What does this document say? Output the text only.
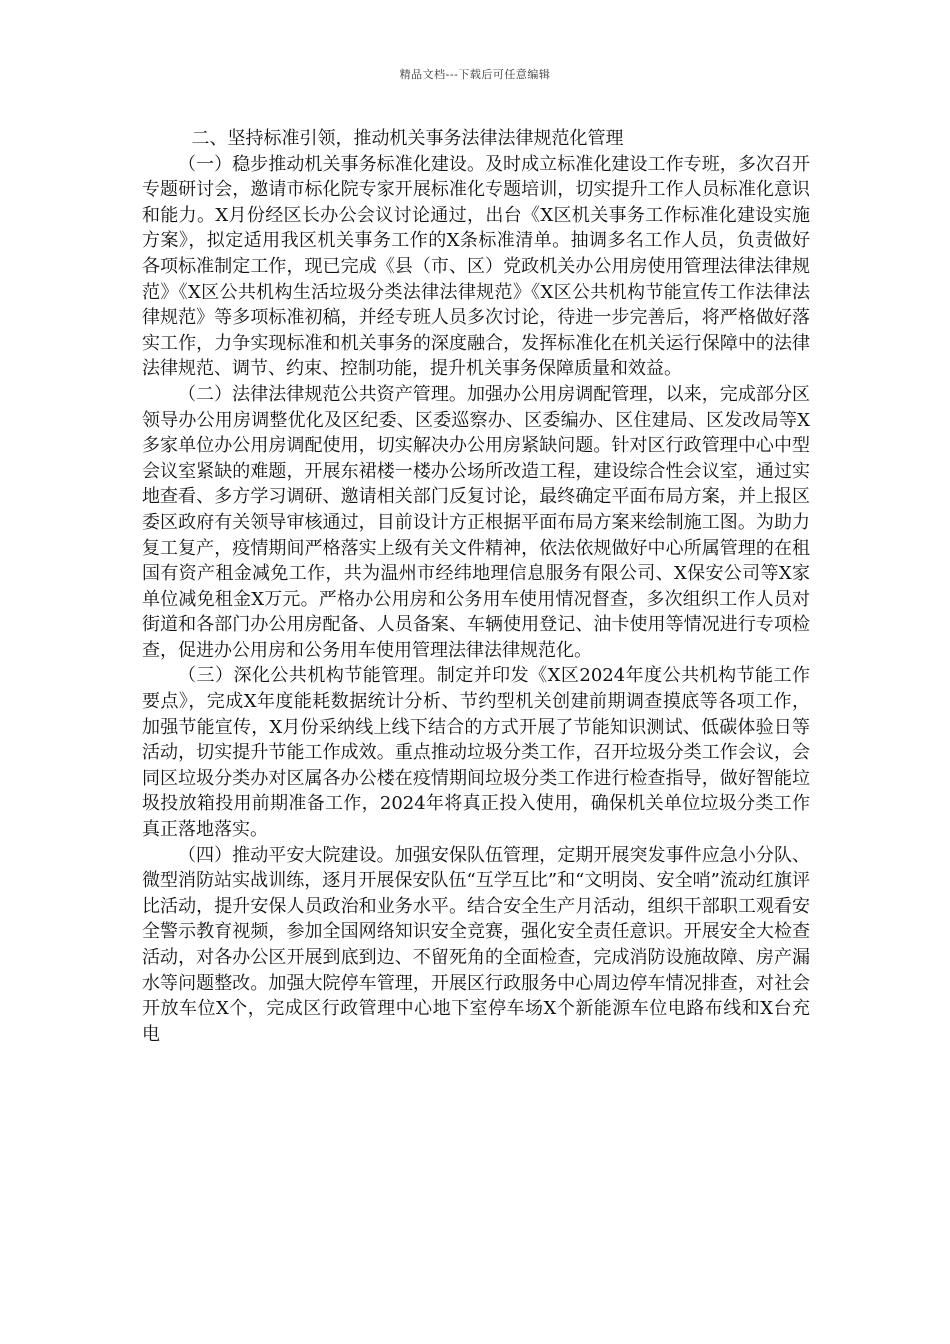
精品文档---下载后可任意编辑

二、坚持标准引领，推动机关事务法律法律规范化管理

（一）稳步推动机关事务标准化建设。及时成立标准化建设工作专班，多次召开专题研讨会，邀请市标化院专家开展标准化专题培训，切实提升工作人员标准化意识和能力。X月份经区长办公会议讨论通过，出台《X区机关事务工作标准化建设实施方案》，拟定适用我区机关事务工作的X条标准清单。抽调多名工作人员，负责做好各项标准制定工作，现已完成《县（市、区）党政机关办公用房使用管理法律法律规范》《X区公共机构生活垃圾分类法律法律规范》《X区公共机构节能宣传工作法律法律规范》等多项标准初稿，并经专班人员多次讨论，待进一步完善后，将严格做好落实工作，力争实现标准和机关事务的深度融合，发挥标准化在机关运行保障中的法律法律规范、调节、约束、控制功能，提升机关事务保障质量和效益。

（二）法律法律规范公共资产管理。加强办公用房调配管理，以来，完成部分区领导办公用房调整优化及区纪委、区委巡察办、区委编办、区住建局、区发改局等X多家单位办公用房调配使用，切实解决办公用房紧缺问题。针对区行政管理中心中型会议室紧缺的难题，开展东裙楼一楼办公场所改造工程，建设综合性会议室，通过实地查看、多方学习调研、邀请相关部门反复讨论，最终确定平面布局方案，并上报区委区政府有关领导审核通过，目前设计方正根据平面布局方案来绘制施工图。为助力复工复产，疫情期间严格落实上级有关文件精神，依法依规做好中心所属管理的在租国有资产租金减免工作，共为温州市经纬地理信息服务有限公司、X保安公司等X家单位减免租金X万元。严格办公用房和公务用车使用情况督查，多次组织工作人员对街道和各部门办公用房配备、人员备案、车辆使用登记、油卡使用等情况进行专项检查，促进办公用房和公务用车使用管理法律法律规范化。

（三）深化公共机构节能管理。制定并印发《X区2024年度公共机构节能工作要点》，完成X年度能耗数据统计分析、节约型机关创建前期调查摸底等各项工作，加强节能宣传，X月份采纳线上线下结合的方式开展了节能知识测试、低碳体验日等活动，切实提升节能工作成效。重点推动垃圾分类工作，召开垃圾分类工作会议，会同区垃圾分类办对区属各办公楼在疫情期间垃圾分类工作进行检查指导，做好智能垃圾投放箱投用前期准备工作，2024年将真正投入使用，确保机关单位垃圾分类工作真正落地落实。

（四）推动平安大院建设。加强安保队伍管理，定期开展突发事件应急小分队、微型消防站实战训练，逐月开展保安队伍“互学互比”和“文明岗、安全哨”流动红旗评比活动，提升安保人员政治和业务水平。结合安全生产月活动，组织干部职工观看安全警示教育视频，参加全国网络知识安全竞赛，强化安全责任意识。开展安全大检查活动，对各办公区开展到底到边、不留死角的全面检查，完成消防设施故障、房产漏水等问题整改。加强大院停车管理，开展区行政服务中心周边停车情况排查，对社会开放车位X个，完成区行政管理中心地下室停车场X个新能源车位电路布线和X台充电
